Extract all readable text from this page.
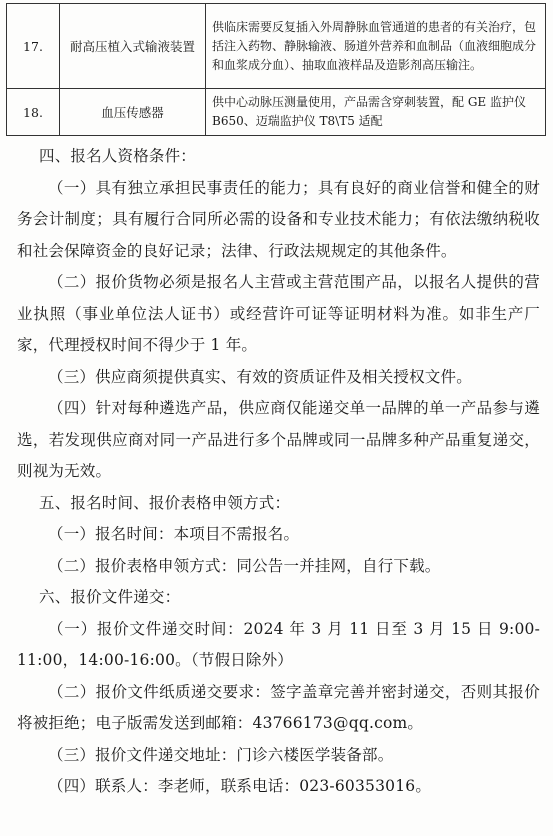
17.	耐高压植入式输液装置	供临床需要反复插入外周静脉血管通道的患者的有关治疗，包括注入药物、静脉输液、肠道外营养和血制品（血液细胞成分和血浆成分血）、抽取血液样品及造影剂高压输注。
18.	血压传感器	供中心动脉压测量使用，产品需含穿刺装置，配 GE 监护仪 B650、迈瑞监护仪 T8\T5 适配

四、报名人资格条件：

（一）具有独立承担民事责任的能力；具有良好的商业信誉和健全的财务会计制度；具有履行合同所必需的设备和专业技术能力；有依法缴纳税收和社会保障资金的良好记录；法律、行政法规规定的其他条件。

（二）报价货物必须是报名人主营或主营范围产品，以报名人提供的营业执照（事业单位法人证书）或经营许可证等证明材料为准。如非生产厂家，代理授权时间不得少于 1 年。

（三）供应商须提供真实、有效的资质证件及相关授权文件。

（四）针对每种遴选产品，供应商仅能递交单一品牌的单一产品参与遴选，若发现供应商对同一产品进行多个品牌或同一品牌多种产品重复递交，则视为无效。

五、报名时间、报价表格申领方式：

（一）报名时间：本项目不需报名。

（二）报价表格申领方式：同公告一并挂网，自行下载。

六、报价文件递交：

（一）报价文件递交时间：2024 年 3 月 11 日至 3 月 15 日 9:00-11:00，14:00-16:00。（节假日除外）

（二）报价文件纸质递交要求：签字盖章完善并密封递交，否则其报价将被拒绝；电子版需发送到邮箱：43766173@qq.com。

（三）报价文件递交地址：门诊六楼医学装备部。

（四）联系人：李老师，联系电话：023-60353016。
